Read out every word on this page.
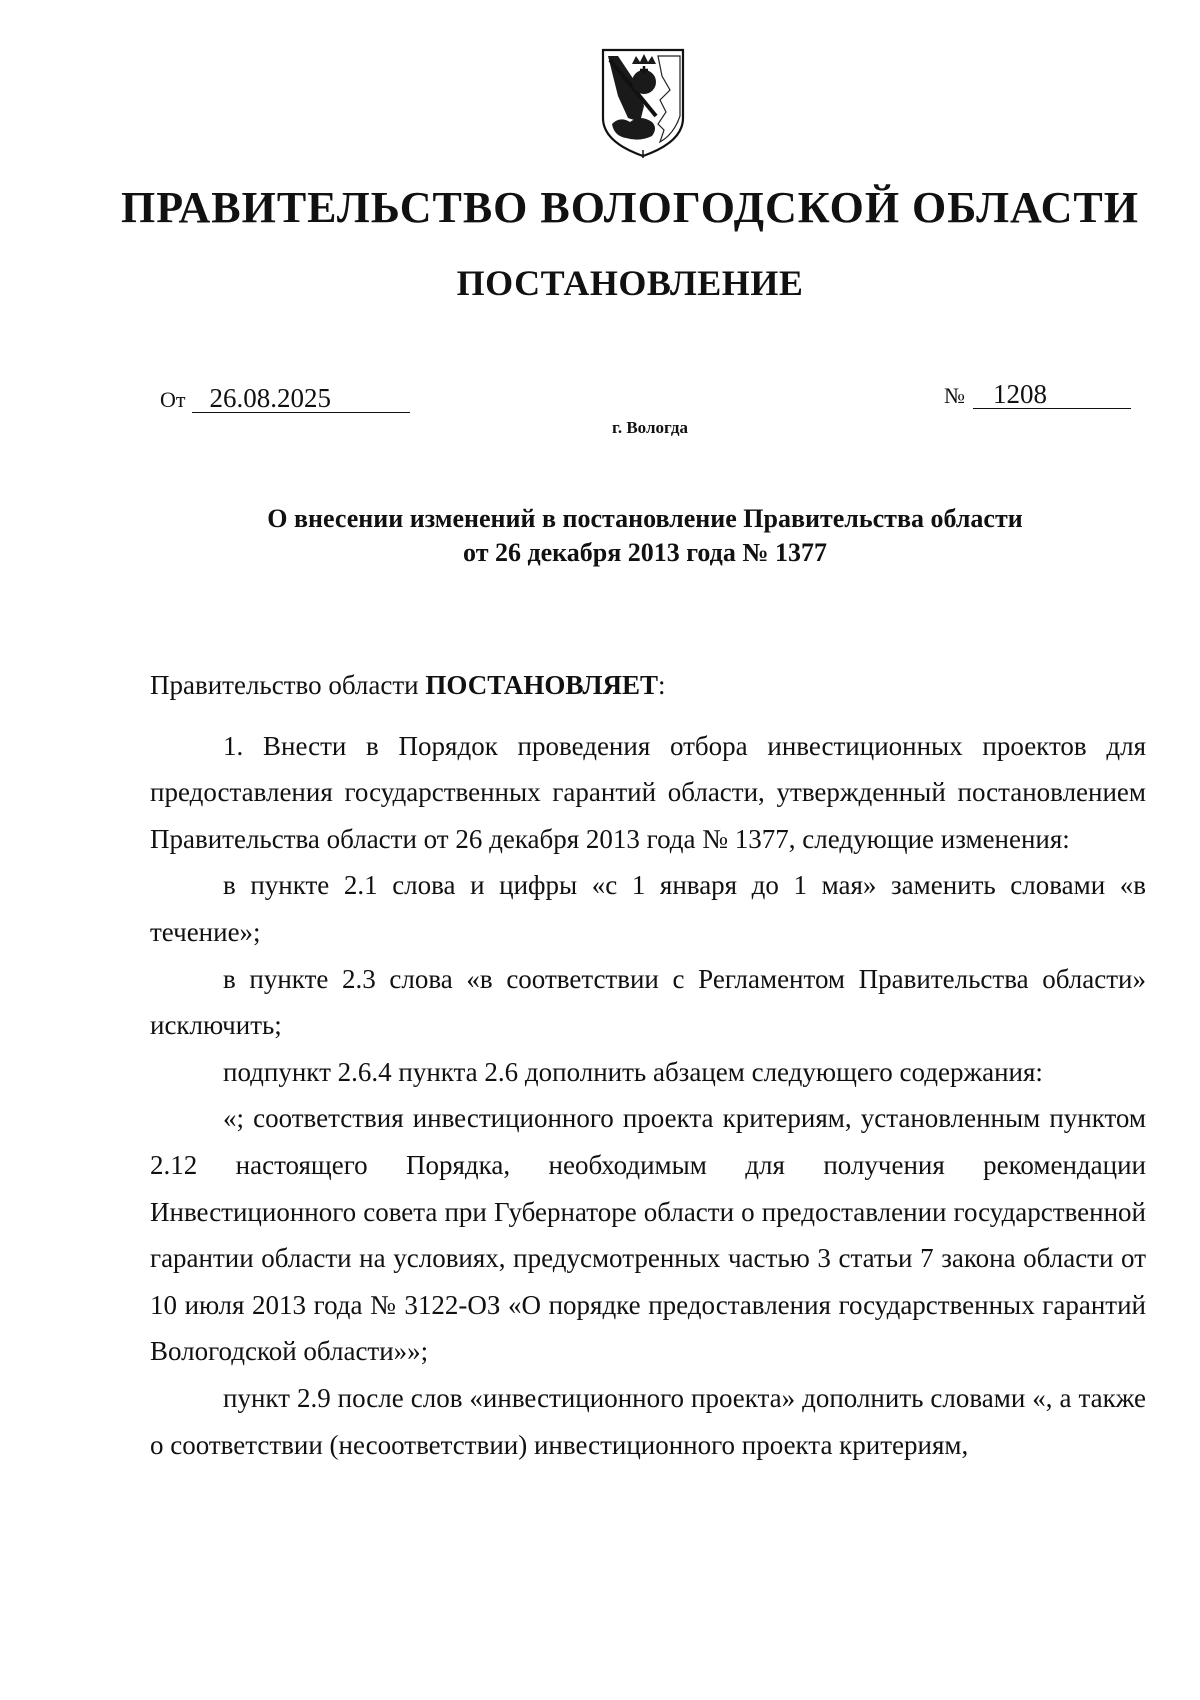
ПРАВИТЕЛЬСТВО ВОЛОГОДСКОЙ ОБЛАСТИ
ПОСТАНОВЛЕНИЕ
От 26.08.2025	№ 1208
г. Вологда
О внесении изменений в постановление Правительства области
от 26 декабря 2013 года № 1377

Правительство области ПОСТАНОВЛЯЕТ:

1. Внести в Порядок проведения отбора инвестиционных проектов для предоставления государственных гарантий области, утвержденный постановлением Правительства области от 26 декабря 2013 года № 1377, следующие изменения:

в пункте 2.1 слова и цифры «с 1 января до 1 мая» заменить словами «в течение»;

в пункте 2.3 слова «в соответствии с Регламентом Правительства области» исключить;

подпункт 2.6.4 пункта 2.6 дополнить абзацем следующего содержания:

«; соответствия инвестиционного проекта критериям, установленным пунктом 2.12 настоящего Порядка, необходимым для получения рекомендации Инвестиционного совета при Губернаторе области о предоставлении государственной гарантии области на условиях, предусмотренных частью 3 статьи 7 закона области от 10 июля 2013 года № 3122-ОЗ «О порядке предоставления государственных гарантий Вологодской области»»;

пункт 2.9 после слов «инвестиционного проекта» дополнить словами «, а также о соответствии (несоответствии) инвестиционного проекта критериям,
